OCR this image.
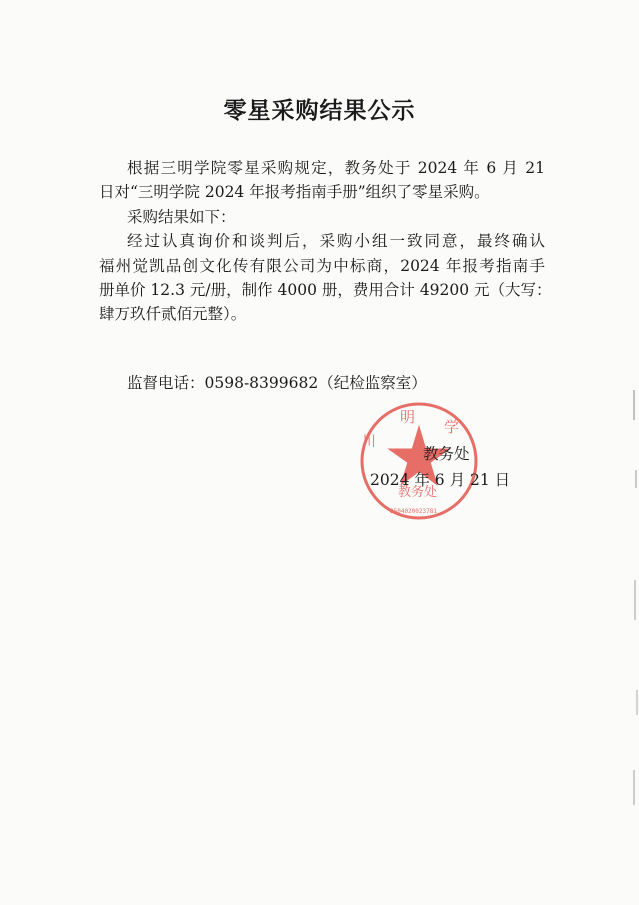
零星采购结果公示
根据三明学院零星采购规定，教务处于 2024 年 6 月 21
日对“三明学院 2024 年报考指南手册”组织了零星采购。
采购结果如下：
经过认真询价和谈判后，采购小组一致同意，最终确认
福州觉凯品创文化传有限公司为中标商，2024 年报考指南手
册单价 12.3 元/册，制作 4000 册，费用合计 49200 元（大写：
肆万玖仟贰佰元整）。
监督电话：0598-8399682（纪检监察室）
明
学
川
教务处
3504020023781
教务处
2024 年 6 月 21 日
